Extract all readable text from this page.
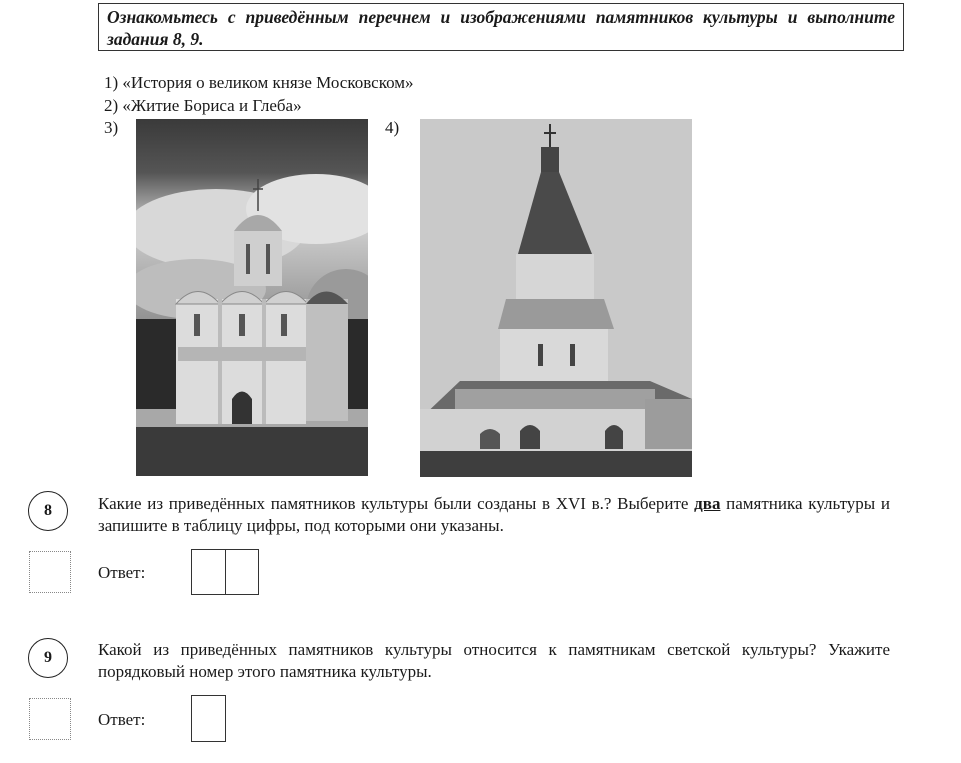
Ознакомьтесь с приведённым перечнем и изображениями памятников культуры и выполните задания 8, 9.
1) «История о великом князе Московском»
2) «Житие Бориса и Глеба»
3)	4)
8	Какие из приведённых памятников культуры были созданы в XVI в.? Выберите два памятника культуры и запишите в таблицу цифры, под которыми они указаны.
Ответ:
9	Какой из приведённых памятников культуры относится к памятникам светской культуры? Укажите порядковый номер этого памятника культуры.
Ответ:
